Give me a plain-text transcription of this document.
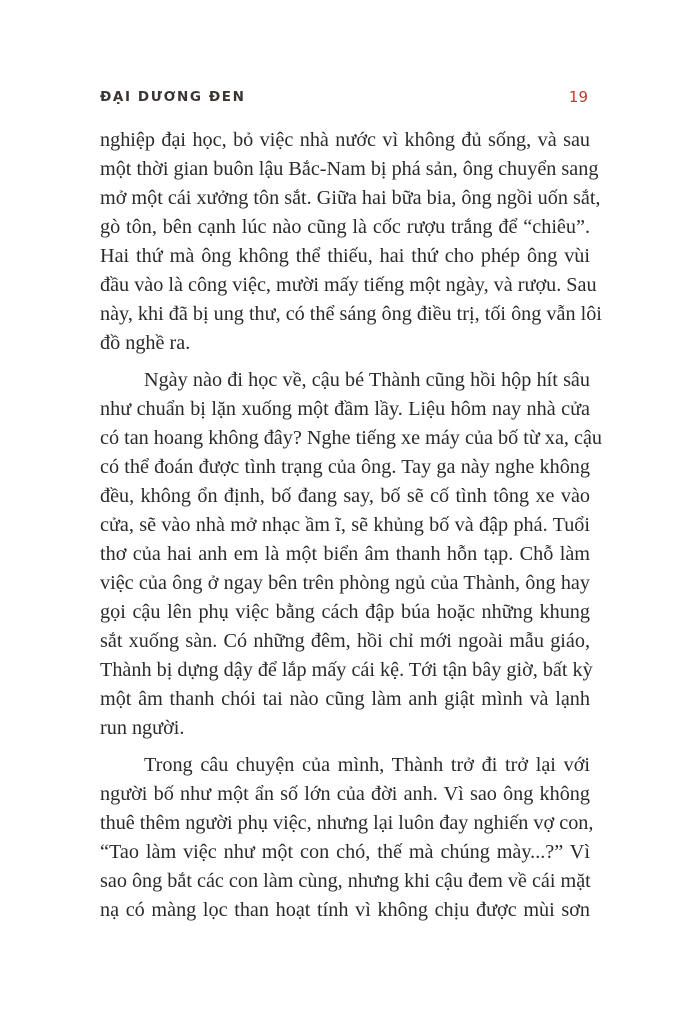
ĐẠI DƯƠNG ĐEN	19

nghiệp đại học, bỏ việc nhà nước vì không đủ sống, và sau
một thời gian buôn lậu Bắc-Nam bị phá sản, ông chuyển sang
mở một cái xưởng tôn sắt. Giữa hai bữa bia, ông ngồi uốn sắt,
gò tôn, bên cạnh lúc nào cũng là cốc rượu trắng để “chiêu”.
Hai thứ mà ông không thể thiếu, hai thứ cho phép ông vùi
đầu vào là công việc, mười mấy tiếng một ngày, và rượu. Sau
này, khi đã bị ung thư, có thể sáng ông điều trị, tối ông vẫn lôi
đồ nghề ra.

Ngày nào đi học về, cậu bé Thành cũng hồi hộp hít sâu
như chuẩn bị lặn xuống một đầm lầy. Liệu hôm nay nhà cửa
có tan hoang không đây? Nghe tiếng xe máy của bố từ xa, cậu
có thể đoán được tình trạng của ông. Tay ga này nghe không
đều, không ổn định, bố đang say, bố sẽ cố tình tông xe vào
cửa, sẽ vào nhà mở nhạc ầm ĩ, sẽ khủng bố và đập phá. Tuổi
thơ của hai anh em là một biển âm thanh hỗn tạp. Chỗ làm
việc của ông ở ngay bên trên phòng ngủ của Thành, ông hay
gọi cậu lên phụ việc bằng cách đập búa hoặc những khung
sắt xuống sàn. Có những đêm, hồi chỉ mới ngoài mẫu giáo,
Thành bị dựng dậy để lắp mấy cái kệ. Tới tận bây giờ, bất kỳ
một âm thanh chói tai nào cũng làm anh giật mình và lạnh
run người.

Trong câu chuyện của mình, Thành trở đi trở lại với
người bố như một ẩn số lớn của đời anh. Vì sao ông không
thuê thêm người phụ việc, nhưng lại luôn đay nghiến vợ con,
“Tao làm việc như một con chó, thế mà chúng mày...?” Vì
sao ông bắt các con làm cùng, nhưng khi cậu đem về cái mặt
nạ có màng lọc than hoạt tính vì không chịu được mùi sơn
